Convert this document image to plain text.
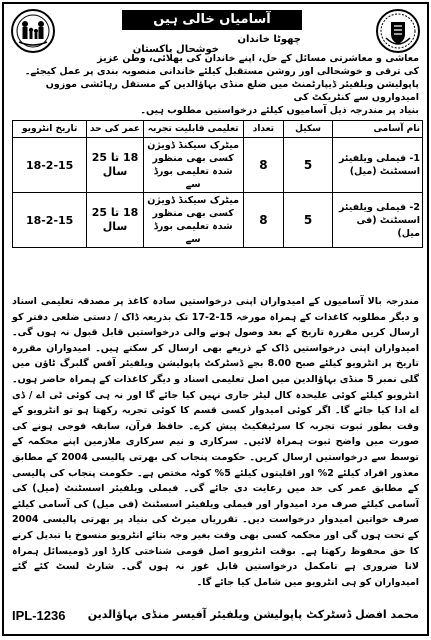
آسامیاں خالی ہیں
چھوٹا خاندان
خوشحال پاکستان

معاشی و معاشرتی مسائل کے حل، اپنے خاندان کی بھلائی، وطن عزیز

کی ترقی و خوشحالی اور روشن مستقبل کیلئے خاندانی منصوبہ بندی پر عمل کیجئے۔

پاپولیشن ویلفیئر ڈیپارٹمنٹ میں ضلع منڈی بہاؤالدین کے مستقل رہائشی موزوں امیدواروں سے کنٹریکٹ کی

بنیاد پر مندرجہ ذیل آسامیوں کیلئے درخواستیں مطلوب ہیں۔

نام آسامی	سکیل	تعداد	تعلیمی قابلیت تجربہ	عمر کی حد	تاریخ انٹرویو
1- فیملی ویلفیئر اسسٹنٹ (میل)	5	8	میٹرک سیکنڈ ڈویژن کسی بھی منظور شدہ تعلیمی بورڈ سے	18 تا 25 سال	18-2-15
2- فیملی ویلفیئر اسسٹنٹ (فی میل)	5	8	میٹرک سیکنڈ ڈویژن کسی بھی منظور شدہ تعلیمی بورڈ سے	18 تا 25 سال	18-2-15

مندرجہ بالا آسامیوں کے امیدواران اپنی درخواستیں سادہ کاغذ پر مصدقہ تعلیمی اسناد و دیگر مطلوبہ کاغذات کے ہمراہ مورخہ 15-2-17 تک بذریعہ ڈاک / دستی ضلعی دفتر کو ارسال کریں مقررہ تاریخ کے بعد وصول ہونے والی درخواستیں قابل قبول نہ ہوں گی۔ امیدواران اپنی درخواستیں ڈاک کے ذریعے بھی ارسال کر سکتے ہیں۔ امیدواران مقررہ تاریخ پر انٹرویو کیلئے صبح 8.00 بجے ڈسٹرکٹ پاپولیشن ویلفیئر آفس گلبرگ ٹاؤن میں گلی نمبر 5 منڈی بہاؤالدین میں اصل تعلیمی اسناد و دیگر کاغذات کے ہمراہ حاضر ہوں۔ انٹرویو کیلئے کوئی علیحدہ کال لیٹر جاری نہیں کیا جائے گا اور نہ ہی کوئی ٹی اے / ڈی اے ادا کیا جائے گا۔ اگر کوئی امیدوار کسی قسم کا کوئی تجربہ رکھتا ہو تو انٹرویو کے وقت بطور ثبوت تجربہ کا سرٹیفکیٹ پیش کرے۔ حافظ قرآن، سابقہ فوجی ہونے کی صورت میں واضح ثبوت ہمراہ لائیں۔ سرکاری و نیم سرکاری ملازمین اپنے محکمہ کے توسط سے درخواستیں ارسال کریں۔ حکومت پنجاب کی بھرتی پالیسی 2004 کے مطابق معذور افراد کیلئے 2% اور اقلیتوں کیلئے 5% کوٹہ مختص ہے۔ حکومت پنجاب کی پالیسی کے مطابق عمر کی حد میں رعایت دی جائے گی۔ فیملی ویلفیئر اسسٹنٹ (میل) کی آسامی کیلئے صرف مرد امیدوار اور فیملی ویلفیئر اسسٹنٹ (فی میل) کی آسامی کیلئے صرف خواتین امیدوار درخواست دیں۔ تقرریاں میرٹ کی بنیاد پر بھرتی پالیسی 2004 کے تحت ہوں گی اور محکمہ کسی بھی وقت بغیر وجہ بتائے انٹرویو منسوخ یا تبدیل کرنے کا حق محفوظ رکھتا ہے۔ بوقت انٹرویو اصل قومی شناختی کارڈ اور ڈومیسائل ہمراہ لانا ضروری ہے نامکمل درخواستیں قابل غور نہ ہوں گی۔ شارٹ لسٹ کئے گئے امیدواران کو ہی انٹرویو میں شامل کیا جائے گا۔

IPL-1236 محمد افضل ڈسٹرکٹ پاپولیشن ویلفیئر آفیسر منڈی بہاؤالدین
